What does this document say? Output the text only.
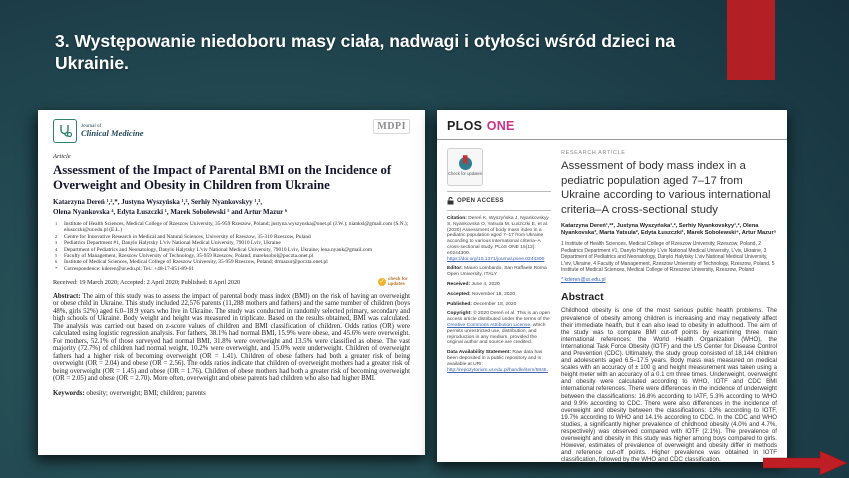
3. Występowanie niedoboru masy ciała, nadwagi i otyłości wśród dzieci na Ukrainie.
Journal of
Clinical Medicine
MDPI
Article
Assessment of the Impact of Parental BMI on the Incidence of Overweight and Obesity in Children from Ukraine
Katarzyna Dereń ¹,²,*, Justyna Wyszyńska ¹,², Serhiy Nyankovskyy ¹,³,
Olena Nyankovska ⁴, Edyta Łuszczki ¹, Marek Sobolewski ⁵ and Artur Mazur ⁶
1	Institute of Health Sciences, Medical College of Rzeszow University, 35-959 Rzeszow, Poland; justyna.wyszynska@onet.pl (J.W.); nianksl@gmail.com (S.N.); eluszczki@ur.edu.pl (E.Ł.)
2	Centre for Innovative Research in Medical and Natural Sciences, University of Rzeszow, 35-310 Rzeszow, Poland
3	Pediatrics Department #1, Danylo Halytsky L'viv National Medical University, 79010 Lviv, Ukraine
4	Department of Pediatrics and Neonatology, Danylo Halytsky L'viv National Medical University, 79010 Lviv, Ukraine; lena.nyank@gmail.com
5	Faculty of Management, Rzeszow University of Technology, 35-959 Rzeszow, Poland; mareksobol@poczta.onet.pl
6	Institute of Medical Sciences, Medical College of Rzeszow University, 35-959 Rzeszow, Poland; drmazur@poczta.onet.pl
*	Correspondence: kderen@ur.edu.pl; Tel.: +48-17-851-89-61
Received: 19 March 2020; Accepted: 2 April 2020; Published: 8 April 2020	✓
check for updates
Abstract: The aim of this study was to assess the impact of parental body mass index (BMI) on the risk of having an overweight or obese child in Ukraine. This study included 22,576 parents (11,288 mothers and fathers) and the same number of children (boys 48%, girls 52%) aged 6.0–18.9 years who live in Ukraine. The study was conducted in randomly selected primary, secondary and high schools of Ukraine. Body weight and height was measured in triplicate. Based on the results obtained, BMI was calculated. The analysis was carried out based on z-score values of children and BMI classification of children. Odds ratios (OR) were calculated using logistic regression analysis. For fathers, 38.1% had normal BMI, 15.9% were obese, and 45.6% were overweight. For mothers, 52.1% of those surveyed had normal BMI, 31.8% were overweight and 13.5% were classified as obese. The vast majority (72.7%) of children had normal weight, 10.2% were overweight, and 15.0% were underweight. Children of overweight fathers had a higher risk of becoming overweight (OR = 1.41). Children of obese fathers had both a greater risk of being overweight (OR = 2.04) and obese (OR = 2.56). The odds ratios indicate that children of overweight mothers had a greater risk of being overweight (OR = 1.45) and obese (OR = 1.76). Children of obese mothers had both a greater risk of becoming overweight (OR = 2.05) and obese (OR = 2.70). More often, overweight and obese parents had children who also had higher BMI.
Keywords: obesity; overweight; BMI; children; parents
PLOS ONE
Check for updates
OPEN ACCESS
Citation: Dereń K, Wyszyńska J, Nyankovskyy S, Nyankovska O, Yatsula M, Łuszczki E, et al. (2020) Assessment of body mass index in a pediatric population aged 7–17 from Ukraine according to various international criteria–A cross-sectional study. PLoS ONE 15(12): e0244300. https://doi.org/10.1371/journal.pone.0244300
Editor: Mauro Lombardo, San Raffaele Roma Open University, ITALY
Received: June 4, 2020
Accepted: November 18, 2020
Published: December 18, 2020
Copyright: © 2020 Dereń et al. This is an open access article distributed under the terms of the Creative Commons Attribution License, which permits unrestricted use, distribution, and reproduction in any medium, provided the original author and source are credited.
Data Availability Statement: Raw data has been deposited in a public repository and is available at URI: http://repozytorium.ur.edu.pl/handle/item/5845.
RESEARCH ARTICLE
Assessment of body mass index in a pediatric population aged 7–17 from Ukraine according to various international criteria–A cross-sectional study
Katarzyna Dereń¹,²*, Justyna Wyszyńska¹,², Serhiy Nyankovskyy¹,², Olena Nyankovska³, Marta Yatsula², Edyta Łuszczki¹, Marek Sobolewski⁴, Artur Mazur⁵
1 Institute of Health Sciences, Medical College of Rzeszow University, Rzeszow, Poland, 2 Pediatrics Department #1, Danylo Halytsky L'viv National Medical University, L'viv, Ukraine, 3 Department of Pediatrics and Neonatology, Danylo Halytsky L'viv National Medical University, L'viv, Ukraine, 4 Faculty of Management, Rzeszow University of Technology, Rzeszow, Poland, 5 Institute of Medical Sciences, Medical College of Rzeszow University, Rzeszow, Poland
* kderen@ur.edu.pl
Abstract
Childhood obesity is one of the most serious public health problems. The prevalence of obesity among children is increasing and may negatively affect their immediate health, but it can also lead to obesity in adulthood. The aim of the study was to compare BMI cut-off points by examining three main international references: the World Health Organization (WHO), the International Task Force Obesity (IOTF) and the US Center for Disease Control and Prevention (CDC). Ultimately, the study group consisted of 18,144 children and adolescents aged 6.5–17.5 years. Body mass was measured on medical scales with an accuracy of ± 100 g and height measurement was taken using a height meter with an accuracy of a 0.1 cm three times. Underweight, overweight and obesity were calculated according to WHO, IOTF and CDC BMI international references. There were differences in the incidence of underweight between the classifications: 16.8% according to IATF, 5.3% according to WHO and 9.9% according to CDC. There were also differences in the incidence of overweight and obesity between the classifications: 13% according to IOTF, 19.7% according to WHO and 14.1% according to CDC. In the CDC and WHO studies, a significantly higher prevalence of childhood obesity (4.0% and 4.7%, respectively) was observed compared with IOTF (2.1%). The prevalence of overweight and obesity in this study was higher among boys compared to girls. However, estimates of prevalence of overweight and obesity differ in methods and reference cut-off points. Higher prevalence was obtained in IOTF classification, followed by the WHO and CDC classification.
